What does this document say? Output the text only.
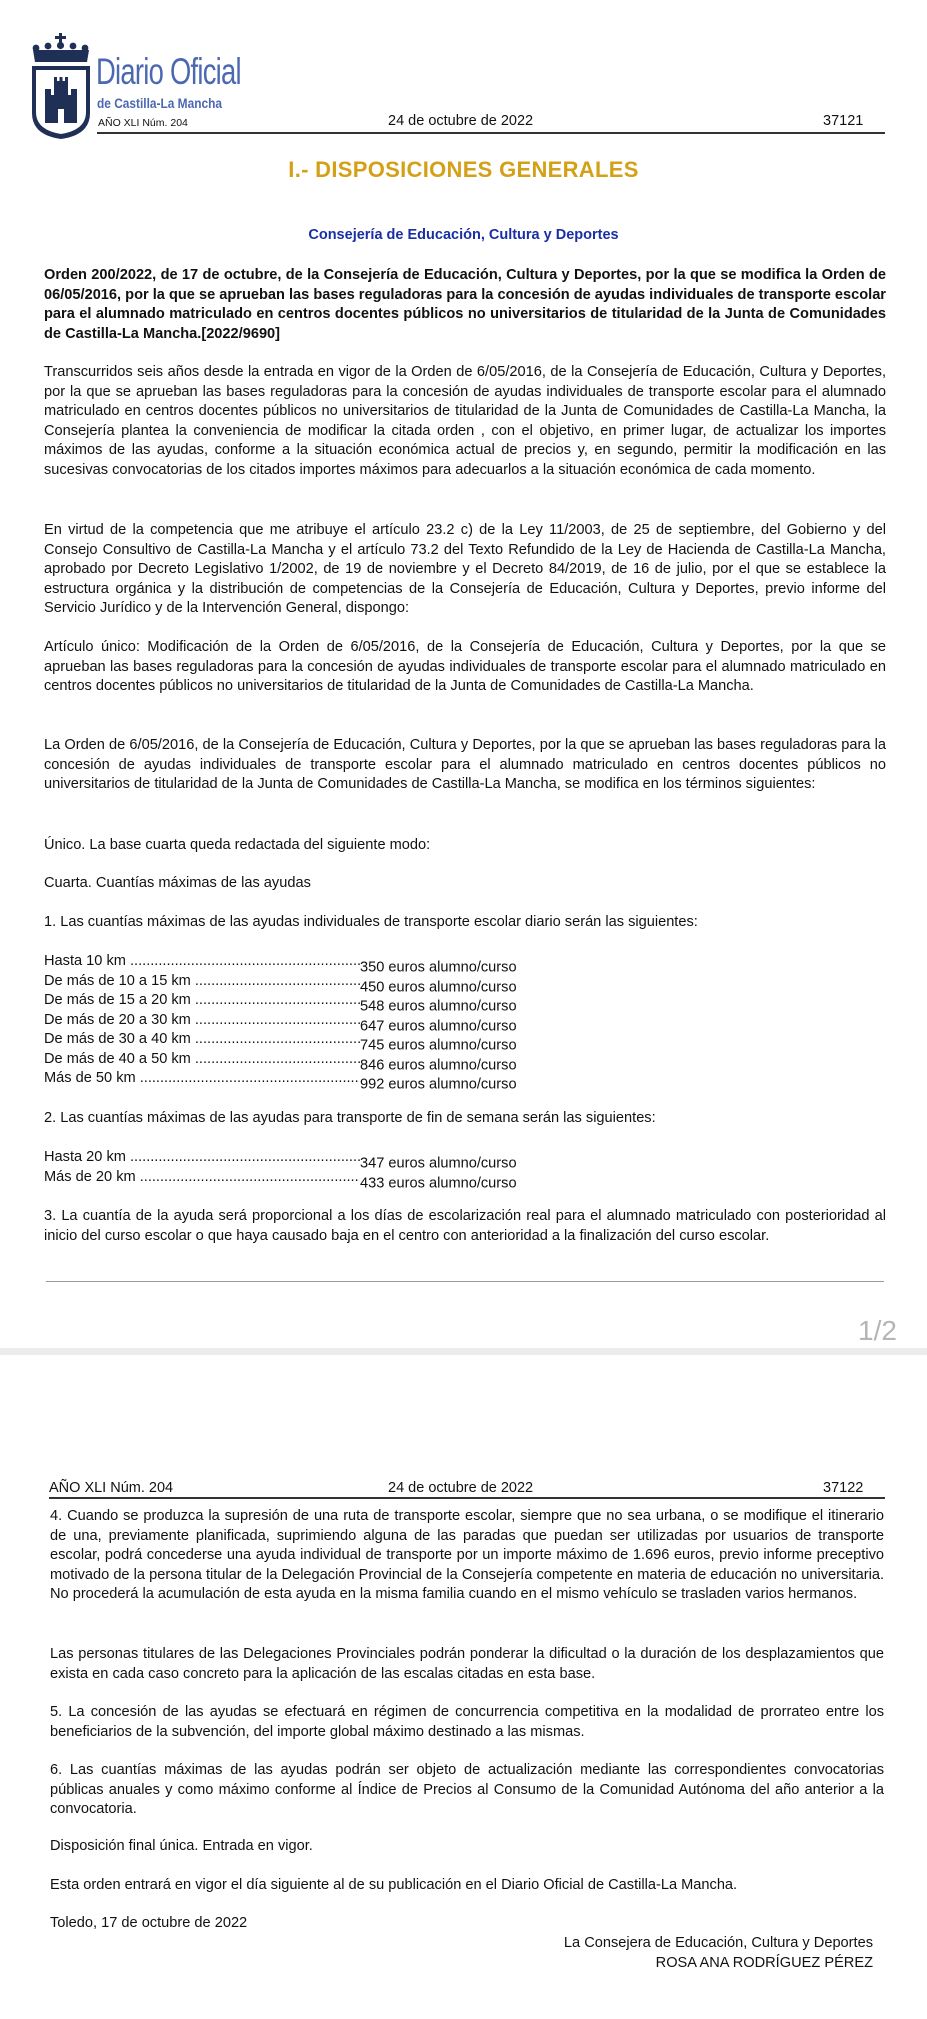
Diario Oficial
de Castilla-La Mancha
AÑO XLI Núm. 204	24 de octubre de 2022	37121
I.- DISPOSICIONES GENERALES
Consejería de Educación, Cultura y Deportes

Orden 200/2022, de 17 de octubre, de la Consejería de Educación, Cultura y Deportes, por la que se modifica la Orden de 06/05/2016, por la que se aprueban las bases reguladoras para la concesión de ayudas individuales de transporte escolar para el alumnado matriculado en centros docentes públicos no universitarios de titularidad de la Junta de Comunidades de Castilla-La Mancha.[2022/9690]

Transcurridos seis años desde la entrada en vigor de la Orden de 6/05/2016, de la Consejería de Educación, Cultura y Deportes, por la que se aprueban las bases reguladoras para la concesión de ayudas individuales de transporte escolar para el alumnado matriculado en centros docentes públicos no universitarios de titularidad de la Junta de Comunidades de Castilla-La Mancha, la Consejería plantea la conveniencia de modificar la citada orden , con el objetivo, en primer lugar, de actualizar los importes máximos de las ayudas, conforme a la situación económica actual de precios y, en segundo, permitir la modificación en las sucesivas convocatorias de los citados importes máximos para adecuarlos a la situación económica de cada momento.

En virtud de la competencia que me atribuye el artículo 23.2 c) de la Ley 11/2003, de 25 de septiembre, del Gobierno y del Consejo Consultivo de Castilla-La Mancha y el artículo 73.2 del Texto Refundido de la Ley de Hacienda de Castilla-La Mancha, aprobado por Decreto Legislativo 1/2002, de 19 de noviembre y el Decreto 84/2019, de 16 de julio, por el que se establece la estructura orgánica y la distribución de competencias de la Consejería de Educación, Cultura y Deportes, previo informe del Servicio Jurídico y de la Intervención General, dispongo:

Artículo único: Modificación de la Orden de 6/05/2016, de la Consejería de Educación, Cultura y Deportes, por la que se aprueban las bases reguladoras para la concesión de ayudas individuales de transporte escolar para el alumnado matriculado en centros docentes públicos no universitarios de titularidad de la Junta de Comunidades de Castilla-La Mancha.

La Orden de 6/05/2016, de la Consejería de Educación, Cultura y Deportes, por la que se aprueban las bases reguladoras para la concesión de ayudas individuales de transporte escolar para el alumnado matriculado en centros docentes públicos no universitarios de titularidad de la Junta de Comunidades de Castilla-La Mancha, se modifica en los términos siguientes:

Único. La base cuarta queda redactada del siguiente modo:

Cuarta. Cuantías máximas de las ayudas

1. Las cuantías máximas de las ayudas individuales de transporte escolar diario serán las siguientes:

Hasta 10 km .....	350 euros alumno/curso
De más de 10 a 15 km .....	450 euros alumno/curso
De más de 15 a 20 km .....	548 euros alumno/curso
De más de 20 a 30 km .....	647 euros alumno/curso
De más de 30 a 40 km .....	745 euros alumno/curso
De más de 40 a 50 km .....	846 euros alumno/curso
Más de 50 km .....	992 euros alumno/curso

2. Las cuantías máximas de las ayudas para transporte de fin de semana serán las siguientes:

Hasta 20 km .....	347 euros alumno/curso
Más de 20 km .....	433 euros alumno/curso

3. La cuantía de la ayuda será proporcional a los días de escolarización real para el alumnado matriculado con posterioridad al inicio del curso escolar o que haya causado baja en el centro con anterioridad a la finalización del curso escolar.

1/2
AÑO XLI Núm. 204	24 de octubre de 2022	37122

4. Cuando se produzca la supresión de una ruta de transporte escolar, siempre que no sea urbana, o se modifique el itinerario de una, previamente planificada, suprimiendo alguna de las paradas que puedan ser utilizadas por usuarios de transporte escolar, podrá concederse una ayuda individual de transporte por un importe máximo de 1.696 euros, previo informe preceptivo motivado de la persona titular de la Delegación Provincial de la Consejería competente en materia de educación no universitaria. No procederá la acumulación de esta ayuda en la misma familia cuando en el mismo vehículo se trasladen varios hermanos.

Las personas titulares de las Delegaciones Provinciales podrán ponderar la dificultad o la duración de los desplazamientos que exista en cada caso concreto para la aplicación de las escalas citadas en esta base.

5. La concesión de las ayudas se efectuará en régimen de concurrencia competitiva en la modalidad de prorrateo entre los beneficiarios de la subvención, del importe global máximo destinado a las mismas.

6. Las cuantías máximas de las ayudas podrán ser objeto de actualización mediante las correspondientes convocatorias públicas anuales y como máximo conforme al Índice de Precios al Consumo de la Comunidad Autónoma del año anterior a la convocatoria.

Disposición final única. Entrada en vigor.

Esta orden entrará en vigor el día siguiente al de su publicación en el Diario Oficial de Castilla-La Mancha.

Toledo, 17 de octubre de 2022

La Consejera de Educación, Cultura y Deportes
ROSA ANA RODRÍGUEZ PÉREZ
